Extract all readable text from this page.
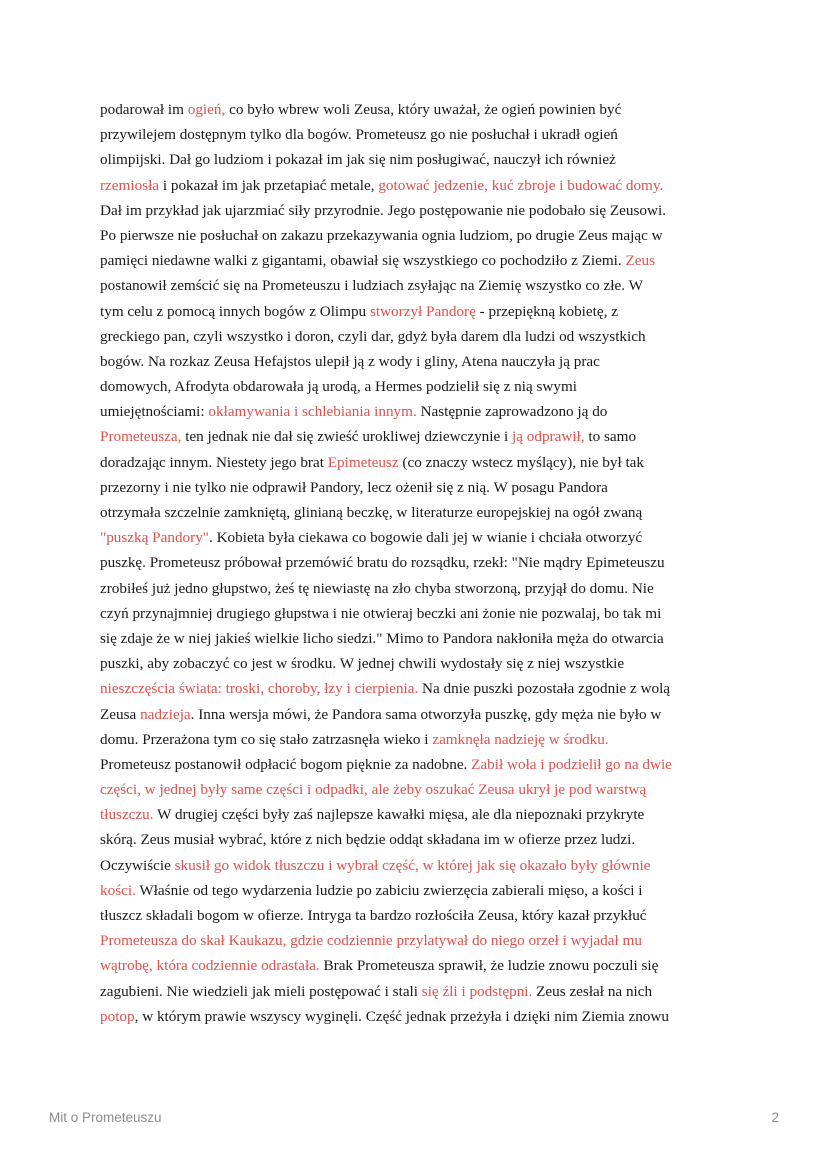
podarował im ogień, co było wbrew woli Zeusa, który uważał, że ogień powinien być
przywilejem dostępnym tylko dla bogów. Prometeusz go nie posłuchał i ukradł ogień
olimpijski. Dał go ludziom i pokazał im jak się nim posługiwać, nauczył ich również
rzemiosła i pokazał im jak przetapiać metale, gotować jedzenie, kuć zbroje i budować domy.
Dał im przykład jak ujarzmiać siły przyrodnie. Jego postępowanie nie podobało się Zeusowi.
Po pierwsze nie posłuchał on zakazu przekazywania ognia ludziom, po drugie Zeus mając w
pamięci niedawne walki z gigantami, obawiał się wszystkiego co pochodziło z Ziemi. Zeus
postanowił zemścić się na Prometeuszu i ludziach zsyłając na Ziemię wszystko co złe. W
tym celu z pomocą innych bogów z Olimpu stworzył Pandorę - przepiękną kobietę, z
greckiego pan, czyli wszystko i doron, czyli dar, gdyż była darem dla ludzi od wszystkich
bogów. Na rozkaz Zeusa Hefajstos ulepił ją z wody i gliny, Atena nauczyła ją prac
domowych, Afrodyta obdarowała ją urodą, a Hermes podzielił się z nią swymi
umiejętnościami: okłamywania i schlebiania innym. Następnie zaprowadzono ją do
Prometeusza, ten jednak nie dał się zwieść urokliwej dziewczynie i ją odprawił, to samo
doradzając innym. Niestety jego brat Epimeteusz (co znaczy wstecz myślący), nie był tak
przezorny i nie tylko nie odprawił Pandory, lecz ożenił się z nią. W posagu Pandora
otrzymała szczelnie zamkniętą, glinianą beczkę, w literaturze europejskiej na ogół zwaną
"puszką Pandory". Kobieta była ciekawa co bogowie dali jej w wianie i chciała otworzyć
puszkę. Prometeusz próbował przemówić bratu do rozsądku, rzekł: "Nie mądry Epimeteuszu
zrobiłeś już jedno głupstwo, żeś tę niewiastę na zło chyba stworzoną, przyjął do domu. Nie
czyń przynajmniej drugiego głupstwa i nie otwieraj beczki ani żonie nie pozwalaj, bo tak mi
się zdaje że w niej jakieś wielkie licho siedzi." Mimo to Pandora nakłoniła męża do otwarcia
puszki, aby zobaczyć co jest w środku. W jednej chwili wydostały się z niej wszystkie
nieszczęścia świata: troski, choroby, łzy i cierpienia. Na dnie puszki pozostała zgodnie z wolą
Zeusa nadzieja. Inna wersja mówi, że Pandora sama otworzyła puszkę, gdy męża nie było w
domu. Przerażona tym co się stało zatrzasnęła wieko i zamknęła nadzieję w środku.
Prometeusz postanowił odpłacić bogom pięknie za nadobne. Zabił woła i podzielił go na dwie
części, w jednej były same części i odpadki, ale żeby oszukać Zeusa ukrył je pod warstwą
tłuszczu. W drugiej części były zaś najlepsze kawałki mięsa, ale dla niepoznaki przykryte
skórą. Zeus musiał wybrać, które z nich będzie oddąt składana im w ofierze przez ludzi.
Oczywiście skusił go widok tłuszczu i wybrał część, w której jak się okazało były głównie
kości. Właśnie od tego wydarzenia ludzie po zabiciu zwierzęcia zabierali mięso, a kości i
tłuszcz składali bogom w ofierze. Intryga ta bardzo rozłościła Zeusa, który kazał przykłuć
Prometeusza do skał Kaukazu, gdzie codziennie przylatywał do niego orzeł i wyjadał mu
wątrobę, która codziennie odrastała. Brak Prometeusza sprawił, że ludzie znowu poczuli się
zagubieni. Nie wiedzieli jak mieli postępować i stali się źli i podstępni. Zeus zesłał na nich
potop, w którym prawie wszyscy wyginęli. Część jednak przeżyła i dzięki nim Ziemia znowu
Mit o Prometeuszu	2
